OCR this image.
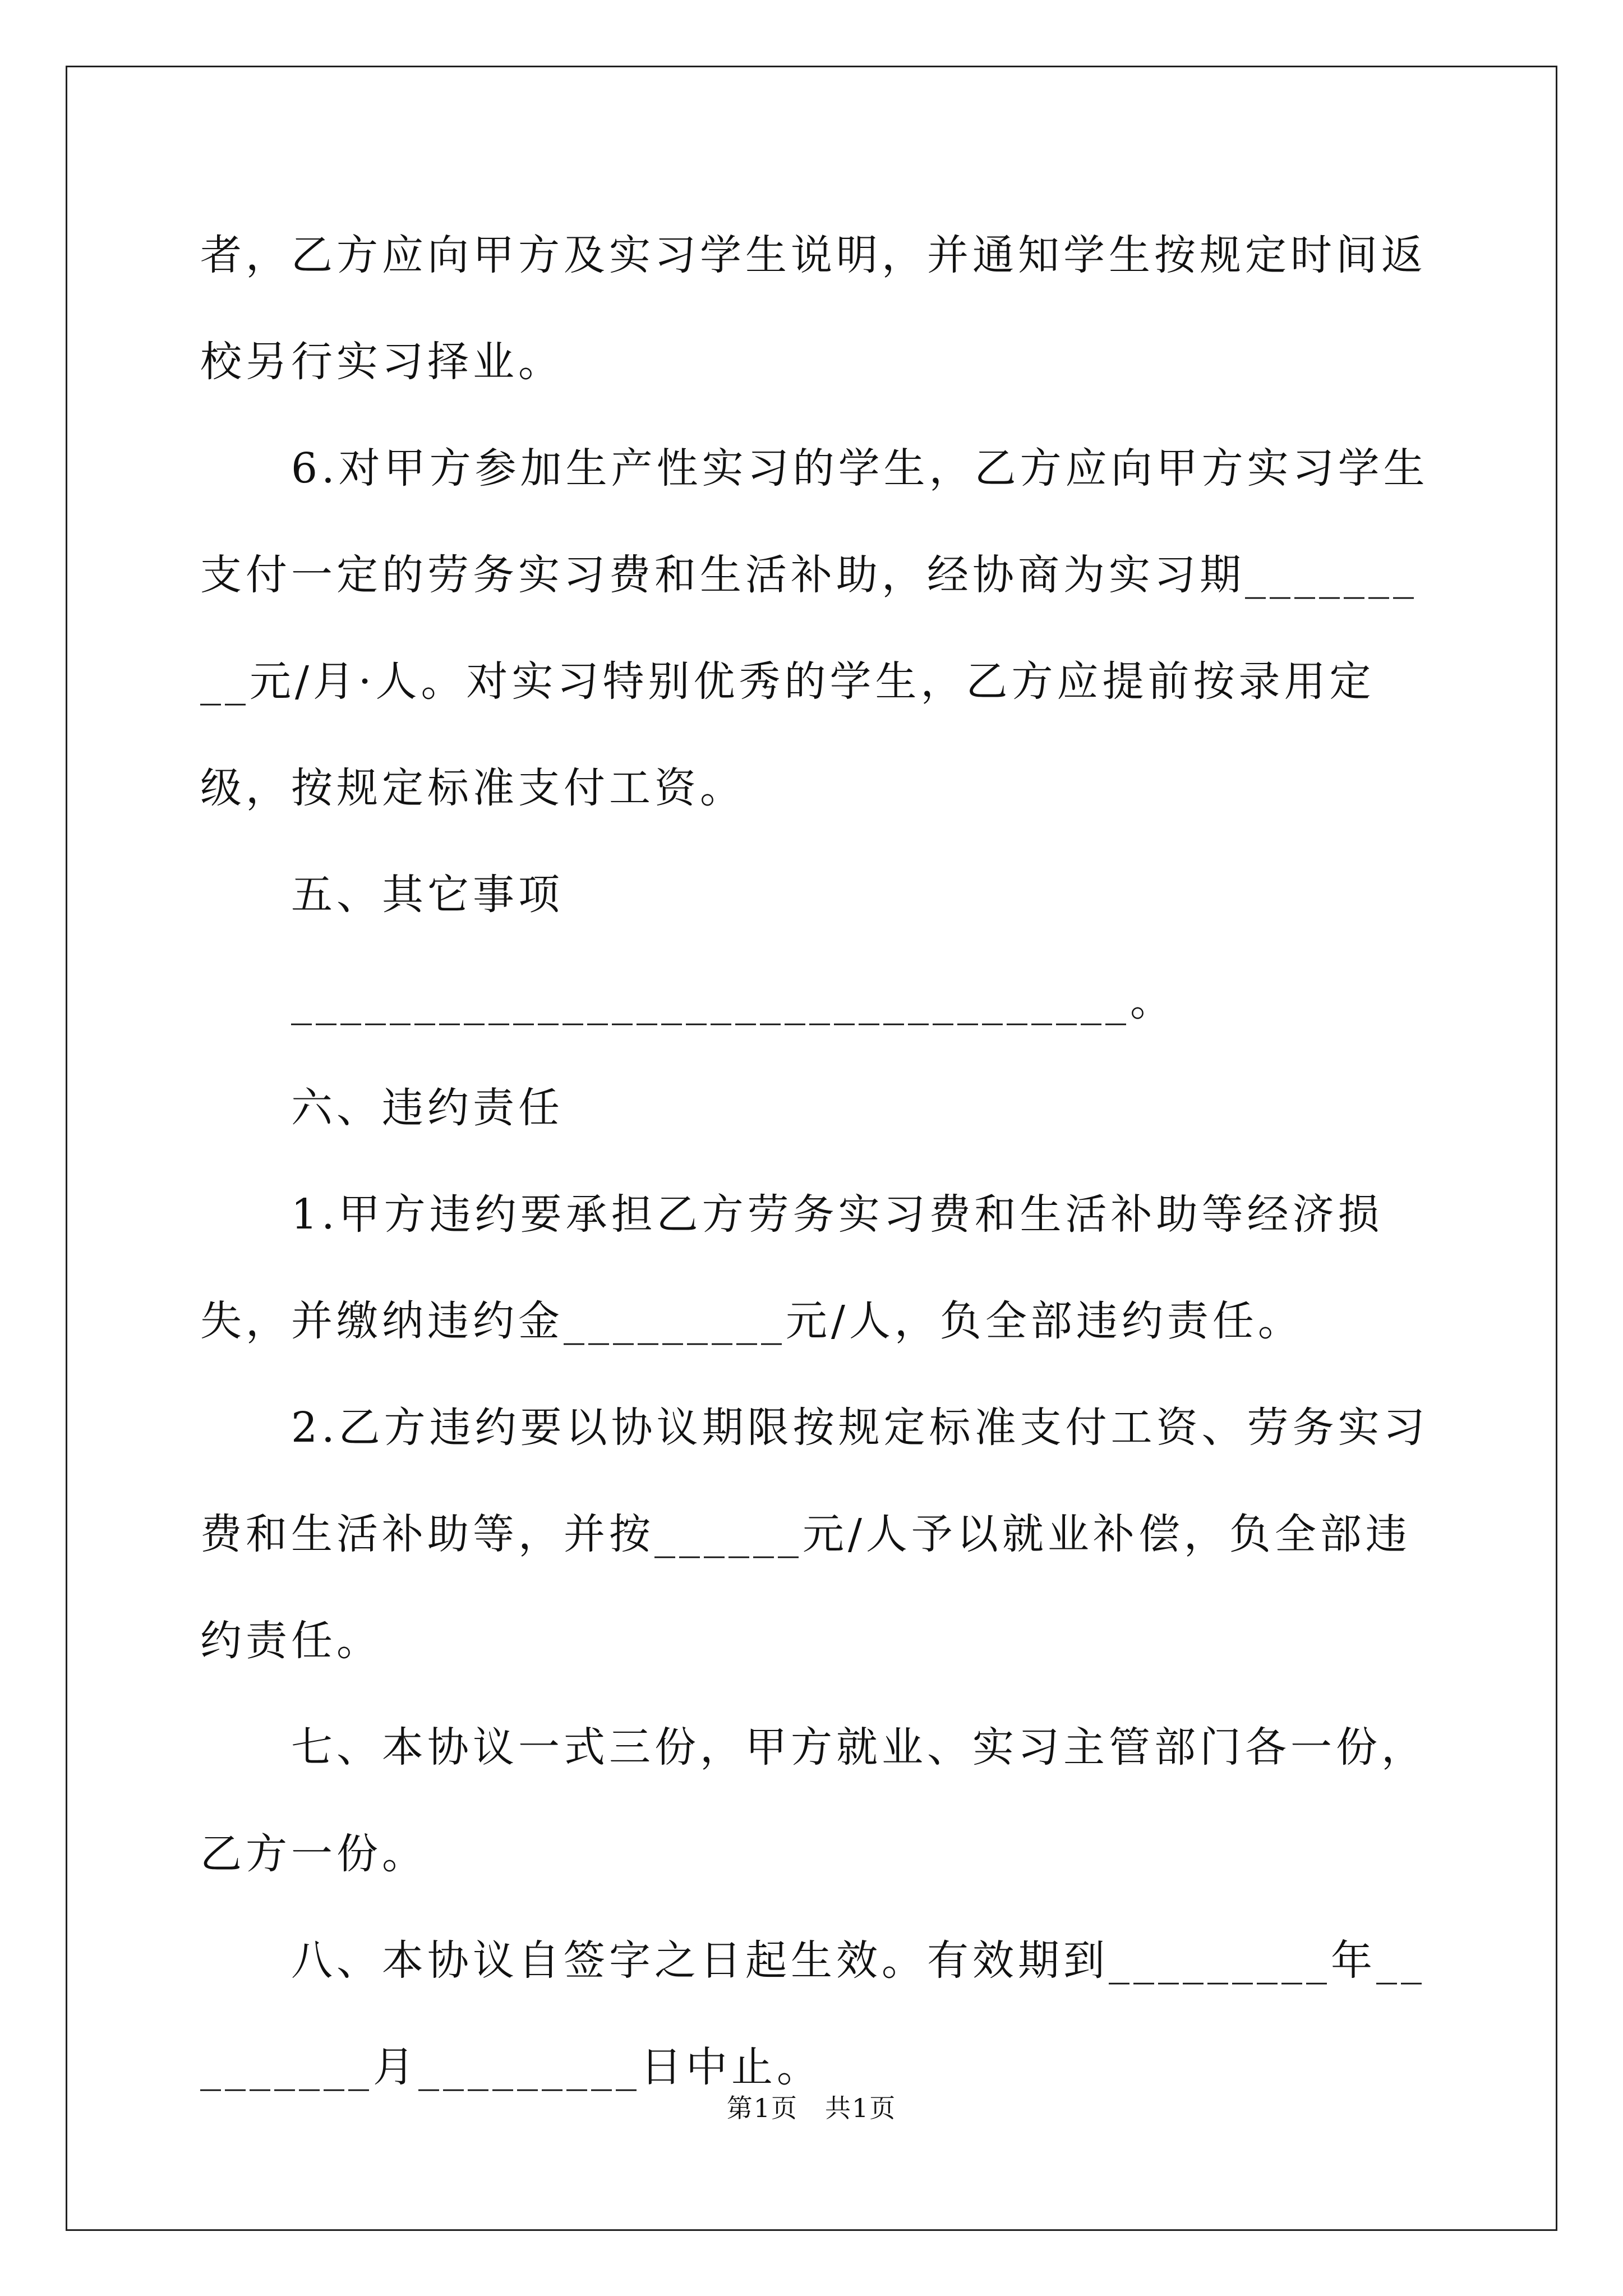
者，乙方应向甲方及实习学生说明，并通知学生按规定时间返校另行实习择业。

　　6.对甲方参加生产性实习的学生，乙方应向甲方实习学生支付一定的劳务实习费和生活补助，经协商为实习期_________元/月·人。对实习特别优秀的学生，乙方应提前按录用定级，按规定标准支付工资。

　　五、其它事项

　　__________________________________。

　　六、违约责任

　　1.甲方违约要承担乙方劳务实习费和生活补助等经济损失，并缴纳违约金_________元/人，负全部违约责任。

　　2.乙方违约要以协议期限按规定标准支付工资、劳务实习费和生活补助等，并按______元/人予以就业补偿，负全部违约责任。

　　七、本协议一式三份，甲方就业、实习主管部门各一份，乙方一份。

　　八、本协议自签字之日起生效。有效期到_________年_________月_________日中止。

第1页　共1页
